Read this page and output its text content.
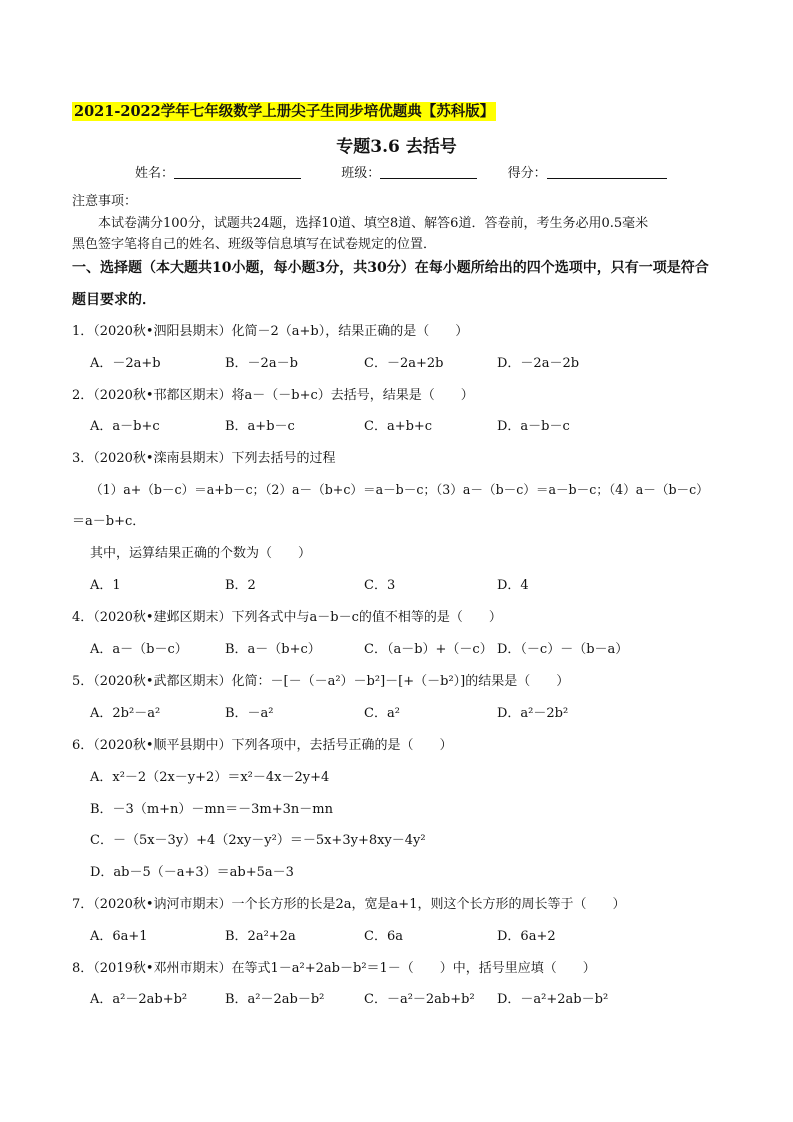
2021-2022学年七年级数学上册尖子生同步培优题典【苏科版】
专题3.6 去括号
姓名：	班级：	得分：
注意事项：
本试卷满分100分，试题共24题，选择10道、填空8道、解答6道．答卷前，考生务必用0.5毫米
黑色签字笔将自己的姓名、班级等信息填写在试卷规定的位置．
一、选择题（本大题共10小题，每小题3分，共30分）在每小题所给出的四个选项中，只有一项是符合
题目要求的．
1．（2020秋•泗阳县期末）化简－2（a+b），结果正确的是（　　）
A．－2a+b	B．－2a－b	C．－2a+2b	D．－2a－2b
2．（2020秋•邗都区期末）将a－（－b+c）去括号，结果是（　　）
A．a－b+c	B．a+b－c	C．a+b+c	D．a－b－c
3．（2020秋•滦南县期末）下列去括号的过程
（1）a+（b－c）＝a+b－c；（2）a－（b+c）＝a－b－c；（3）a－（b－c）＝a－b－c；（4）a－（b－c）
＝a－b+c．
其中，运算结果正确的个数为（　　）
A．1	B．2	C．3	D．4
4．（2020秋•建邺区期末）下列各式中与a－b－c的值不相等的是（　　）
A．a－（b－c）	B．a－（b+c）	C．（a－b）+（－c） D．（－c）－（b－a）
5．（2020秋•武都区期末）化简：－[－（－a²）－b²]－[+（－b²）]的结果是（　　）
A．2b²－a²	B．－a²	C．a²	D．a²－2b²
6．（2020秋•顺平县期中）下列各项中，去括号正确的是（　　）
A．x²－2（2x－y+2）＝x²－4x－2y+4
B．－3（m+n）－mn＝－3m+3n－mn
C．－（5x－3y）+4（2xy－y²）＝－5x+3y+8xy－4y²
D．ab－5（－a+3）＝ab+5a－3
7．（2020秋•讷河市期末）一个长方形的长是2a，宽是a+1，则这个长方形的周长等于（　　）
A．6a+1	B．2a²+2a	C．6a	D．6a+2
8．（2019秋•邓州市期末）在等式1－a²+2ab－b²＝1－（　　）中，括号里应填（　　）
A．a²－2ab+b²	B．a²－2ab－b²	C．－a²－2ab+b² D．－a²+2ab－b²
